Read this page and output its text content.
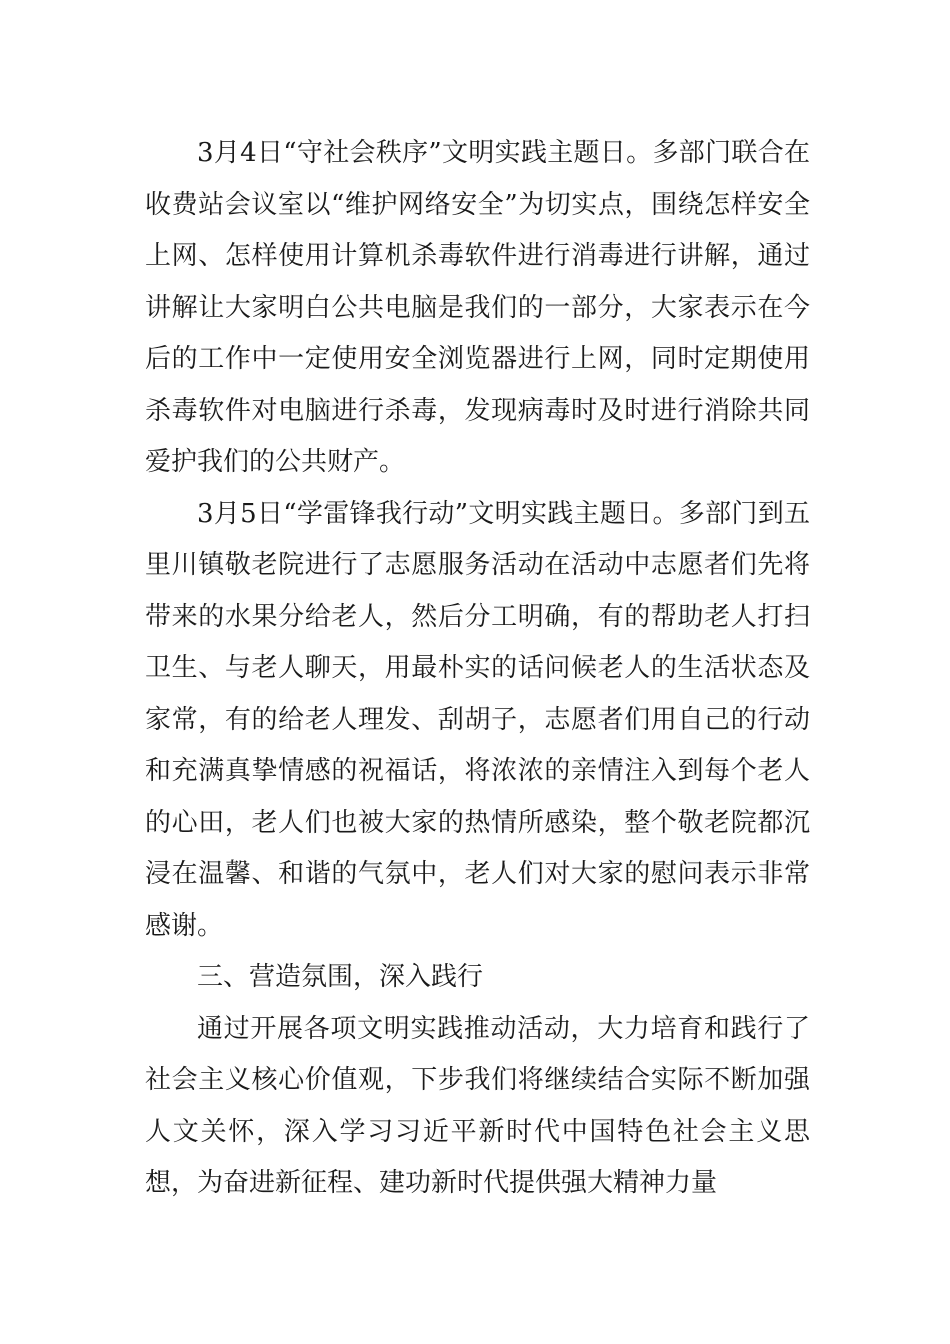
3月4日“守社会秩序”文明实践主题日。多部门联合在收费站会议室以“维护网络安全”为切实点，围绕怎样安全上网、怎样使用计算机杀毒软件进行消毒进行讲解，通过讲解让大家明白公共电脑是我们的一部分，大家表示在今后的工作中一定使用安全浏览器进行上网，同时定期使用杀毒软件对电脑进行杀毒，发现病毒时及时进行消除共同爱护我们的公共财产。

3月5日“学雷锋我行动”文明实践主题日。多部门到五里川镇敬老院进行了志愿服务活动在活动中志愿者们先将带来的水果分给老人，然后分工明确，有的帮助老人打扫卫生、与老人聊天，用最朴实的话问候老人的生活状态及家常，有的给老人理发、刮胡子，志愿者们用自己的行动和充满真挚情感的祝福话，将浓浓的亲情注入到每个老人的心田，老人们也被大家的热情所感染，整个敬老院都沉浸在温馨、和谐的气氛中，老人们对大家的慰问表示非常感谢。

三、营造氛围，深入践行

通过开展各项文明实践推动活动，大力培育和践行了社会主义核心价值观，下步我们将继续结合实际不断加强人文关怀，深入学习习近平新时代中国特色社会主义思想，为奋进新征程、建功新时代提供强大精神力量
